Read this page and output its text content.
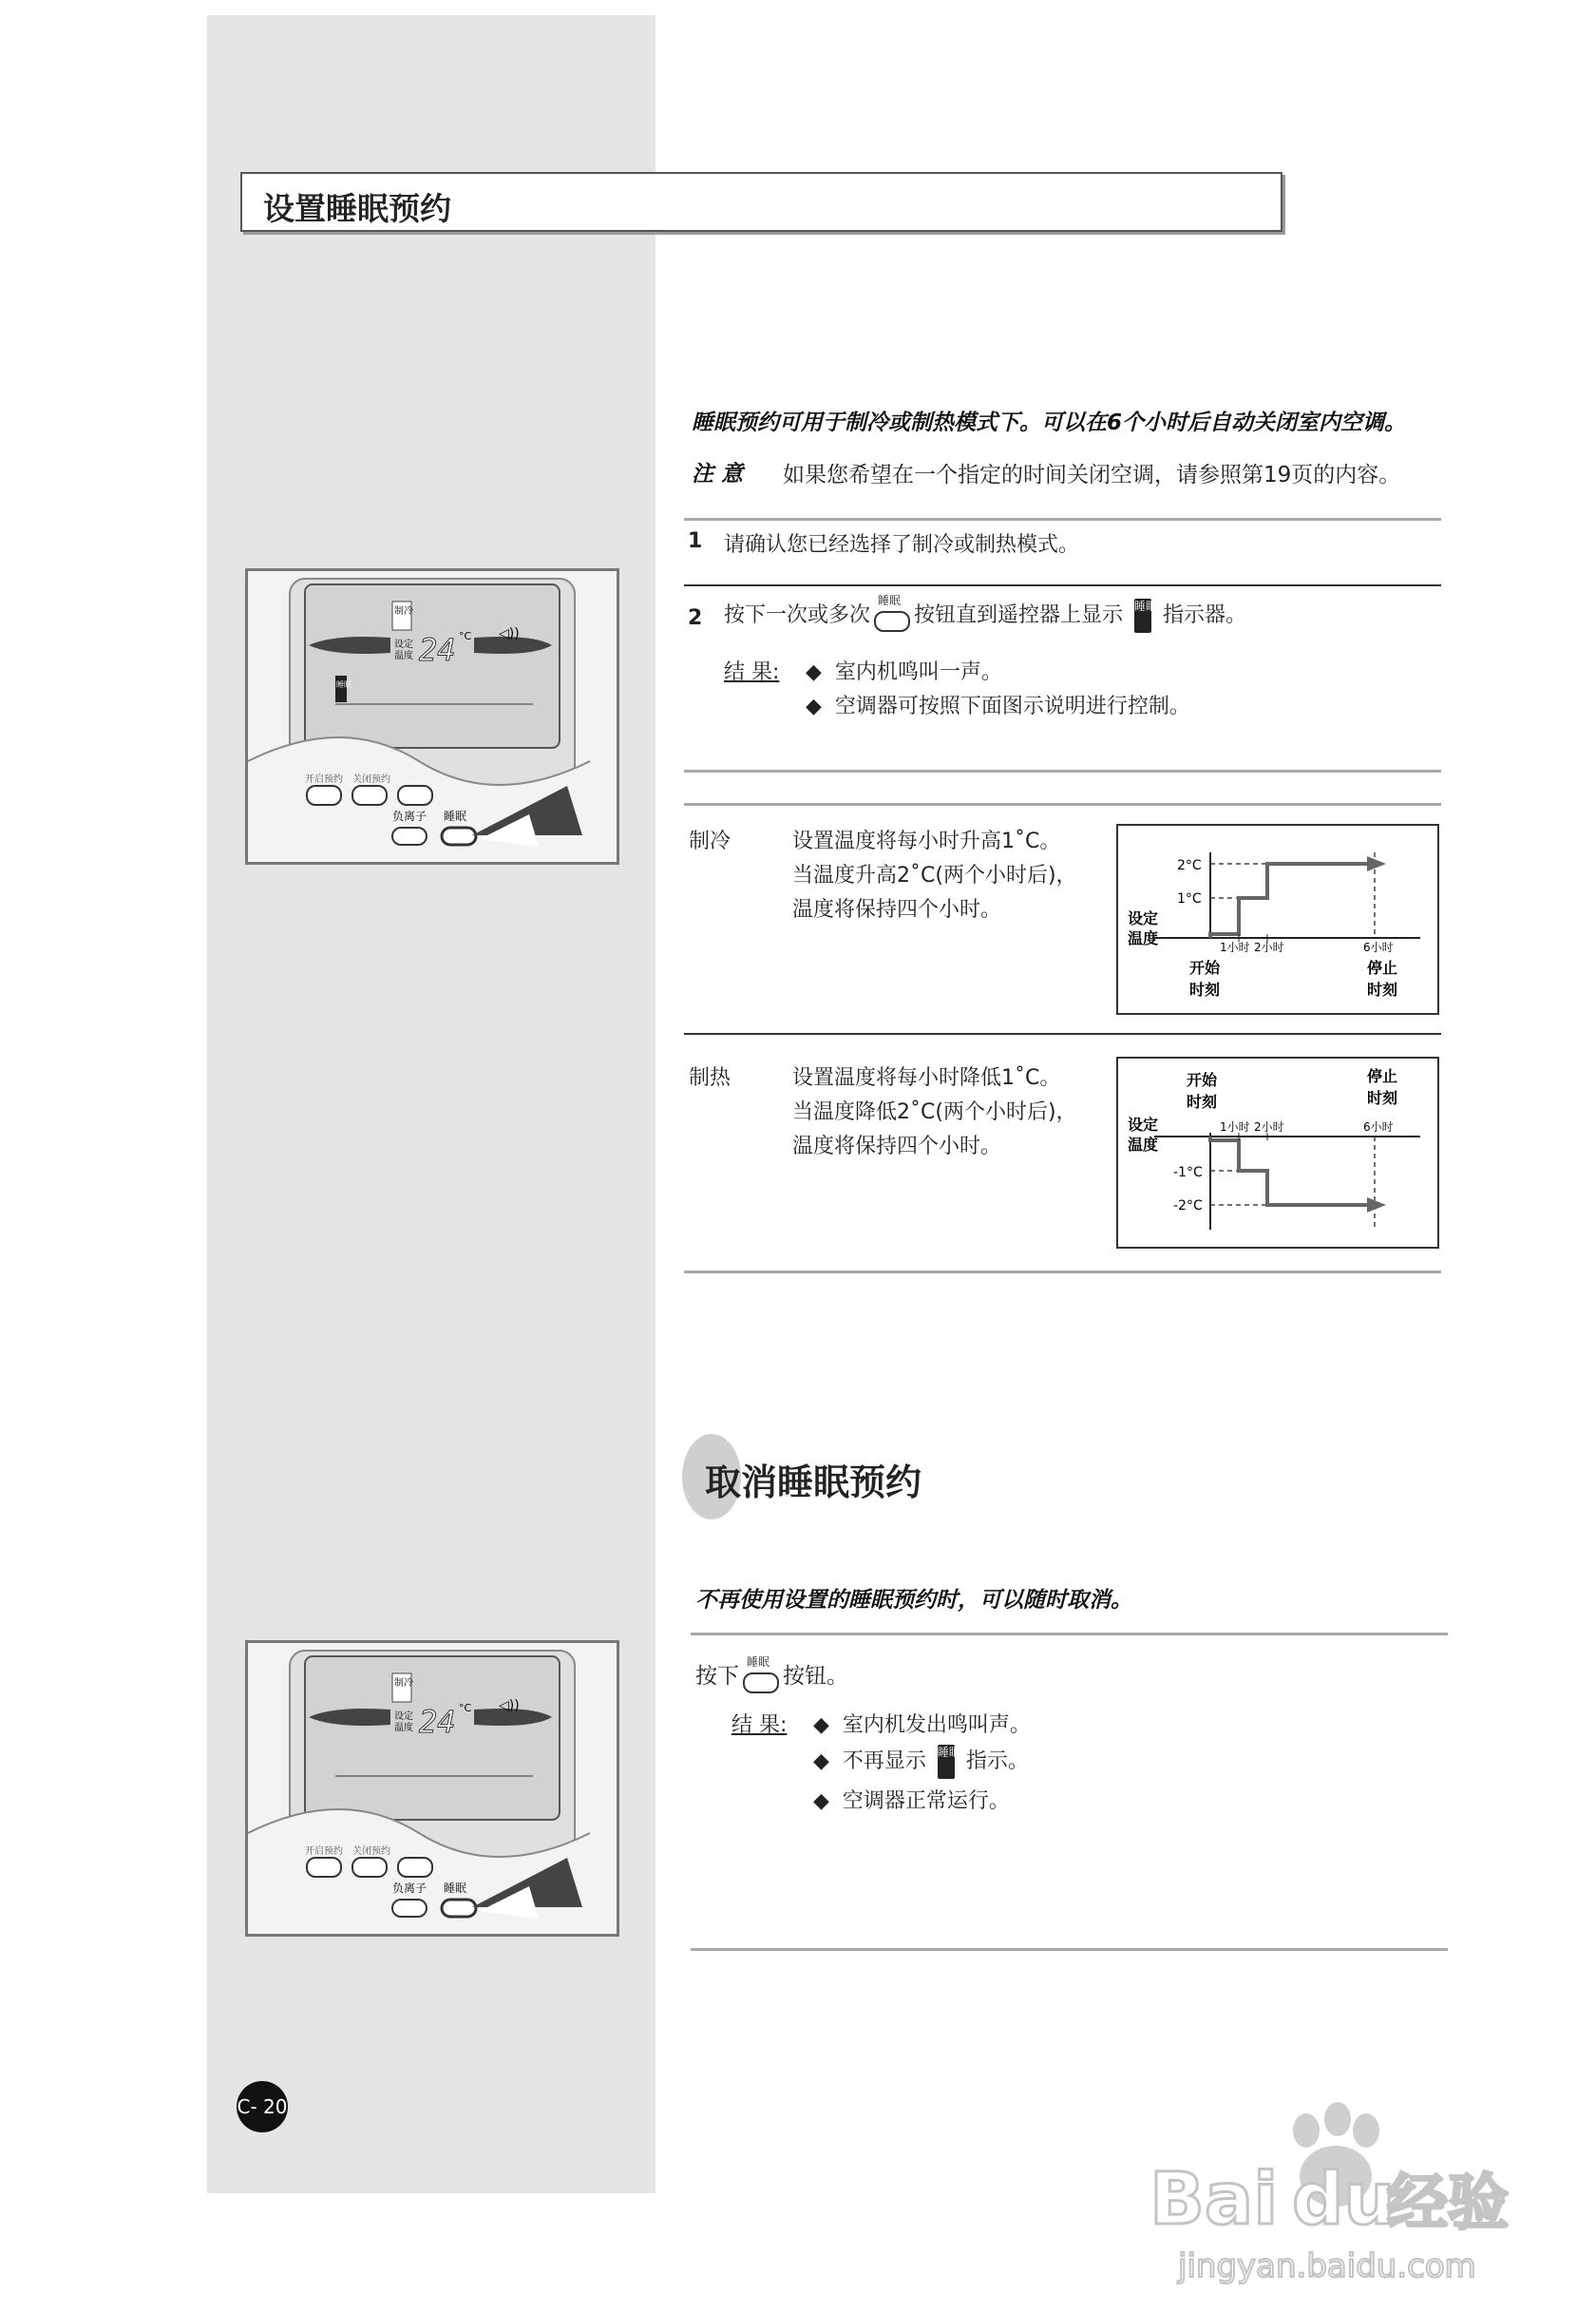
设置睡眠预约
睡眠预约可用于制冷或制热模式下。可以在6个小时后自动关闭室内空调。
注 意 如果您希望在一个指定的时间关闭空调，请参照第19页的内容。
1 请确认您已经选择了制冷或制热模式。
2 按下一次或多次
睡眠
按钮直到遥控器上显示 睡眠 指示器。
结 果: ◆  室内机鸣叫一声。
◆  空调器可按照下面图示说明进行控制。
制冷	设置温度将每小时升高1˚C。
当温度升高2˚C(两个小时后)，
温度将保持四个小时。
2°C
1°C
设定
温度	1小时 2小时	6小时
开始
时刻
停止
时刻
制热	设置温度将每小时降低1˚C。
当温度降低2˚C(两个小时后)，
温度将保持四个小时。
开始
时刻
停止
时刻
1小时 2小时	6小时
设定
温度
-1°C
-2°C
制冷
设定
温度 24 °C ◁))
睡眠
开启预约 关闭预约
负离子 睡眠
取消睡眠预约
不再使用设置的睡眠预约时，可以随时取消。
按下
睡眠
按钮。
结 果: ◆  室内机发出鸣叫声。
◆  不再显示 睡眠 指示。
◆  空调器正常运行。
制冷
设定
温度 24 °C ◁))
开启预约 关闭预约
负离子 睡眠
C- 20
Bai du
经验
jingyan.baidu.com
